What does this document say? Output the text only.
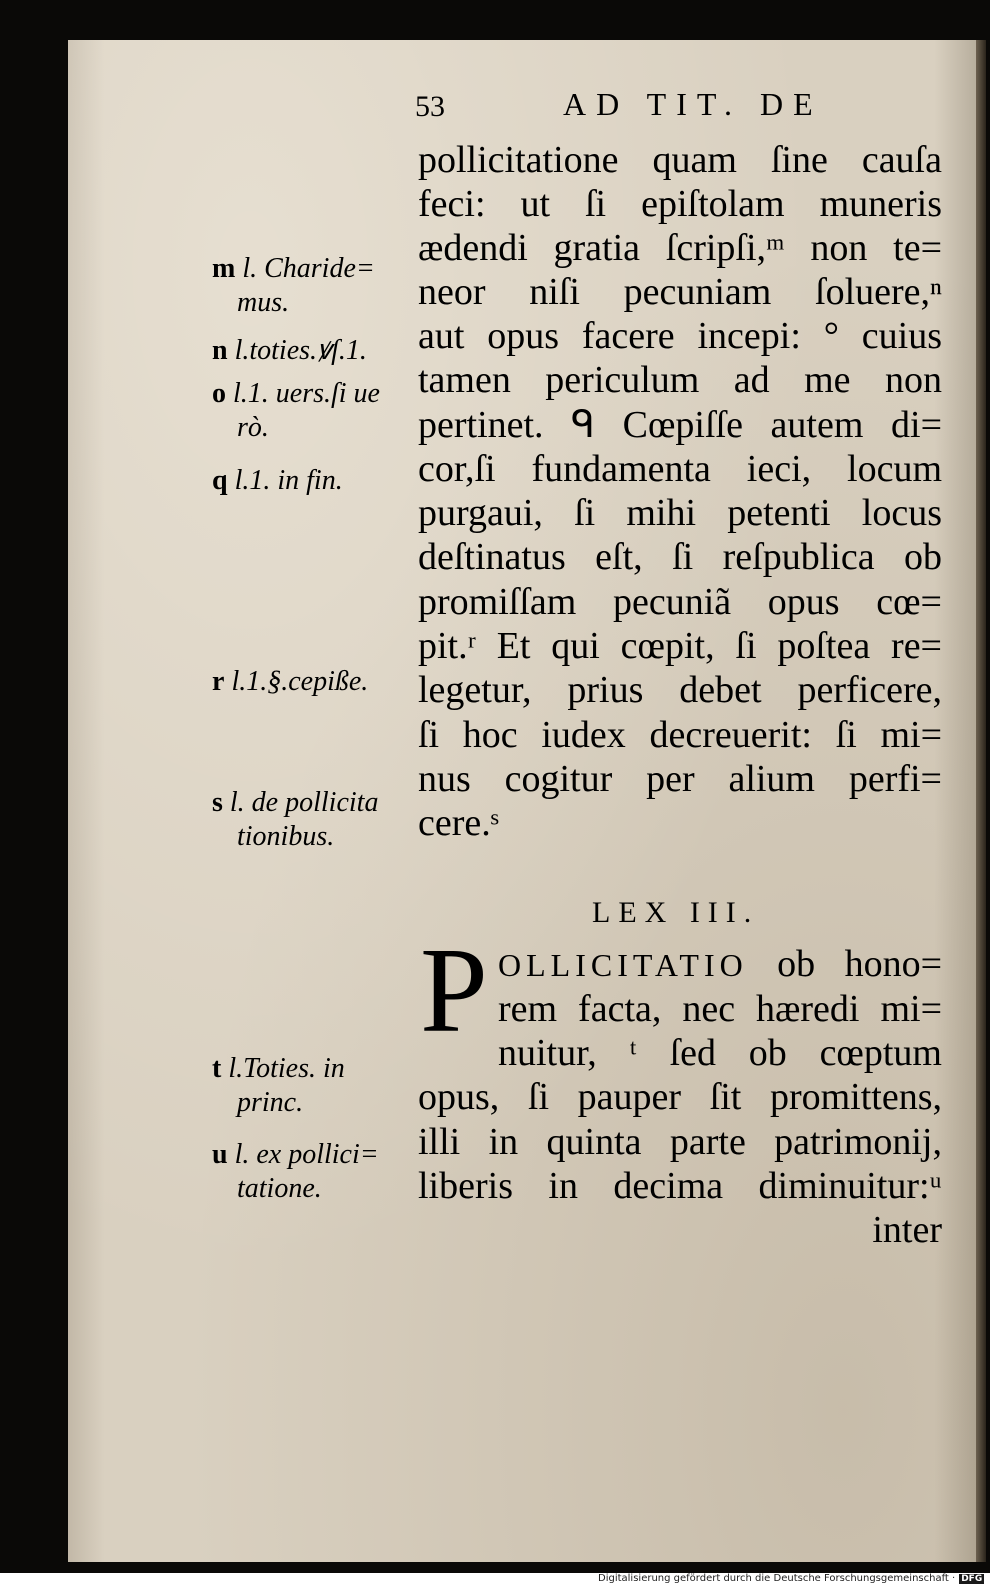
53	AD TIT. DE
pollicitatione quam ſine cauſa
feci: ut ſi epiſtolam muneris
ædendi gratia ſcripſi,ᵐ non te=
neor niſi pecuniam ſoluere,ⁿ
aut opus facere incepi: ° cuius
tamen periculum ad me non
pertinet. ᑫ Cœpiſſe autem di=
cor,ſi fundamenta ieci, locum
purgaui, ſi mihi petenti locus
deſtinatus eſt, ſi reſpublica ob
promiſſam pecuniã opus cœ=
pit.ʳ Et qui cœpit, ſi poſtea re=
legetur, prius debet perficere,
ſi hoc iudex decreuerit: ſi mi=
nus cogitur per alium perfi=
cere.ˢ
LEX III.
P OLLICITATIO ob hono=
rem facta, nec hæredi mi=
nuitur, ᵗ ſed ob cœptum
opus, ſi pauper ſit promittens,
illi in quinta parte patrimonij,
liberis in decima diminuitur:ᵘ
inter
m l. Charide=
mus.
n l.toties.ꝟſ.1.
o l.1. uers.ſi ue
rò.
q l.1. in fin.
r l.1.§.cepiße.
s l. de pollicita
tionibus.
t l.Toties. in
princ.
u l. ex pollici=
tatione.
Digitalisierung gefördert durch die Deutsche Forschungsgemeinschaft · DFG
